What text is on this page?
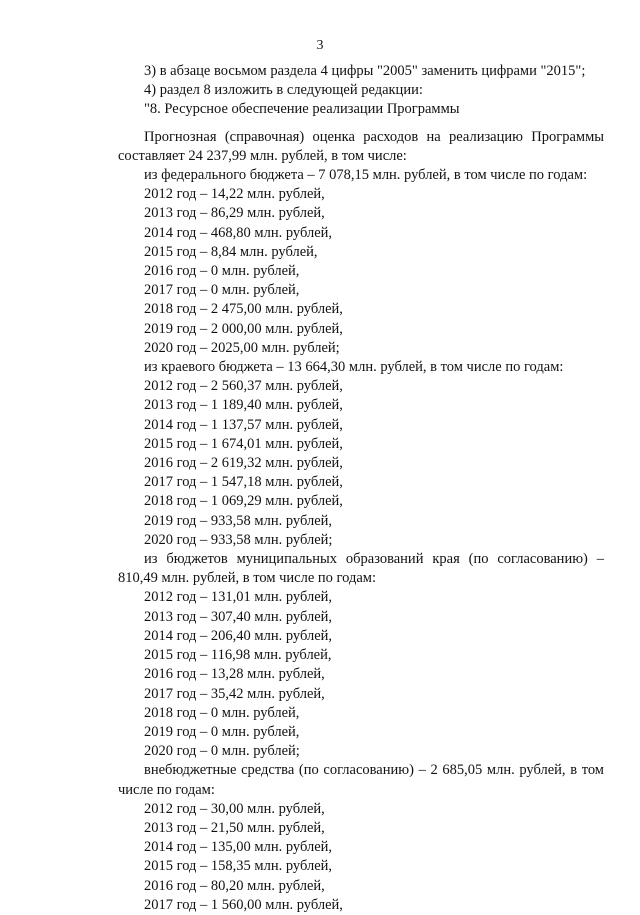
3
3) в абзаце восьмом раздела 4 цифры "2005" заменить цифрами "2015";
4) раздел 8 изложить в следующей редакции:
"8. Ресурсное обеспечение реализации Программы
Прогнозная (справочная) оценка расходов на реализацию Программы составляет 24 237,99 млн. рублей, в том числе:
из федерального бюджета – 7 078,15 млн. рублей, в том числе по годам:
2012 год – 14,22 млн. рублей,
2013 год – 86,29 млн. рублей,
2014 год – 468,80 млн. рублей,
2015 год – 8,84 млн. рублей,
2016 год – 0 млн. рублей,
2017 год – 0 млн. рублей,
2018 год – 2 475,00 млн. рублей,
2019 год – 2 000,00 млн. рублей,
2020 год – 2025,00 млн. рублей;
из краевого бюджета – 13 664,30 млн. рублей, в том числе по годам:
2012 год – 2 560,37 млн. рублей,
2013 год – 1 189,40 млн. рублей,
2014 год – 1 137,57 млн. рублей,
2015 год – 1 674,01 млн. рублей,
2016 год – 2 619,32 млн. рублей,
2017 год – 1 547,18 млн. рублей,
2018 год – 1 069,29 млн. рублей,
2019 год – 933,58 млн. рублей,
2020 год – 933,58 млн. рублей;
из бюджетов муниципальных образований края (по согласованию) – 810,49 млн. рублей, в том числе по годам:
2012 год – 131,01 млн. рублей,
2013 год – 307,40 млн. рублей,
2014 год – 206,40 млн. рублей,
2015 год – 116,98 млн. рублей,
2016 год – 13,28 млн. рублей,
2017 год – 35,42 млн. рублей,
2018 год – 0 млн. рублей,
2019 год – 0 млн. рублей,
2020 год – 0 млн. рублей;
внебюджетные средства (по согласованию) – 2 685,05 млн. рублей, в том числе по годам:
2012 год – 30,00 млн. рублей,
2013 год – 21,50 млн. рублей,
2014 год – 135,00 млн. рублей,
2015 год – 158,35 млн. рублей,
2016 год – 80,20 млн. рублей,
2017 год – 1 560,00 млн. рублей,
